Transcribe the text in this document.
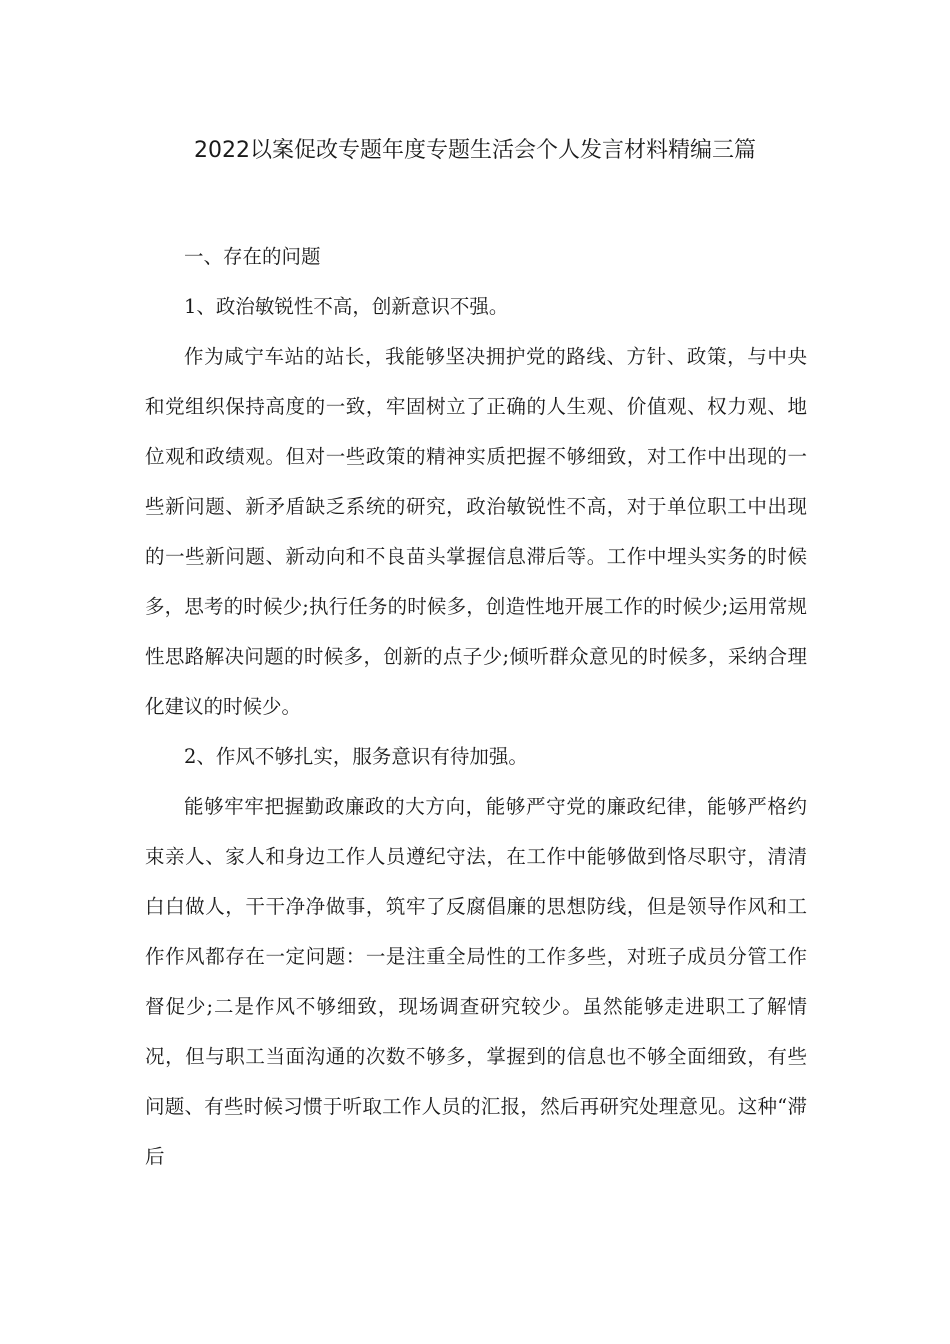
2022以案促改专题年度专题生活会个人发言材料精编三篇

一、存在的问题

1、政治敏锐性不高，创新意识不强。

作为咸宁车站的站长，我能够坚决拥护党的路线、方针、政策，与中央和党组织保持高度的一致，牢固树立了正确的人生观、价值观、权力观、地位观和政绩观。但对一些政策的精神实质把握不够细致，对工作中出现的一些新问题、新矛盾缺乏系统的研究，政治敏锐性不高，对于单位职工中出现的一些新问题、新动向和不良苗头掌握信息滞后等。工作中埋头实务的时候多，思考的时候少;执行任务的时候多，创造性地开展工作的时候少;运用常规性思路解决问题的时候多，创新的点子少;倾听群众意见的时候多，采纳合理化建议的时候少。

2、作风不够扎实，服务意识有待加强。

能够牢牢把握勤政廉政的大方向，能够严守党的廉政纪律，能够严格约束亲人、家人和身边工作人员遵纪守法，在工作中能够做到恪尽职守，清清白白做人，干干净净做事，筑牢了反腐倡廉的思想防线，但是领导作风和工作作风都存在一定问题：一是注重全局性的工作多些，对班子成员分管工作督促少;二是作风不够细致，现场调查研究较少。虽然能够走进职工了解情况，但与职工当面沟通的次数不够多，掌握到的信息也不够全面细致，有些问题、有些时候习惯于听取工作人员的汇报，然后再研究处理意见。这种“滞后
